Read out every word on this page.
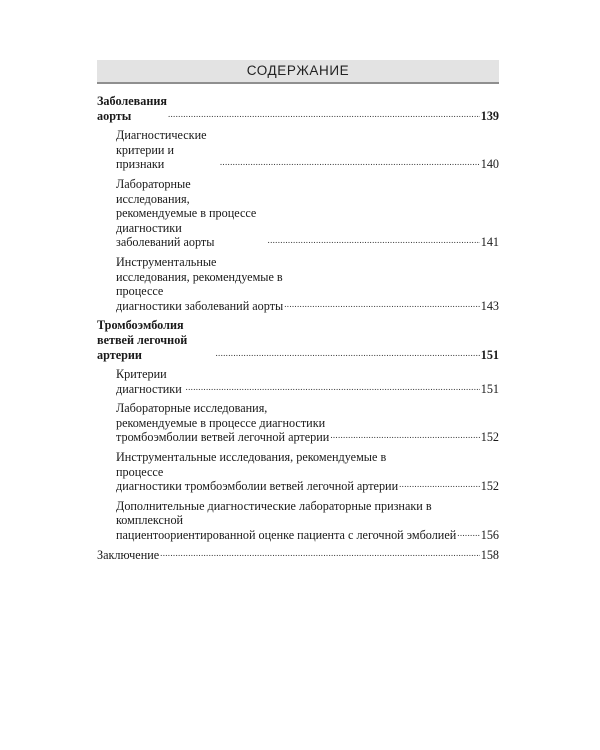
СОДЕРЖАНИЕ
Заболевания аорты .....	139
Диагностические критерии и признаки .....	140
Лабораторные исследования, рекомендуемые в процессе диагностики
заболеваний аорты .....	141
Инструментальные исследования, рекомендуемые в процессе
диагностики заболеваний аорты .....	143
Тромбоэмболия ветвей легочной артерии .....	151
Критерии диагностики .....	151
Лабораторные исследования, рекомендуемые в процессе диагностики
тромбоэмболии ветвей легочной артерии .....	152
Инструментальные исследования, рекомендуемые в процессе
диагностики тромбоэмболии ветвей легочной артерии .....	152
Дополнительные диагностические лабораторные признаки в комплексной
пациентоориентированной оценке пациента с легочной эмболией ..... 156
Заключение .....	158
